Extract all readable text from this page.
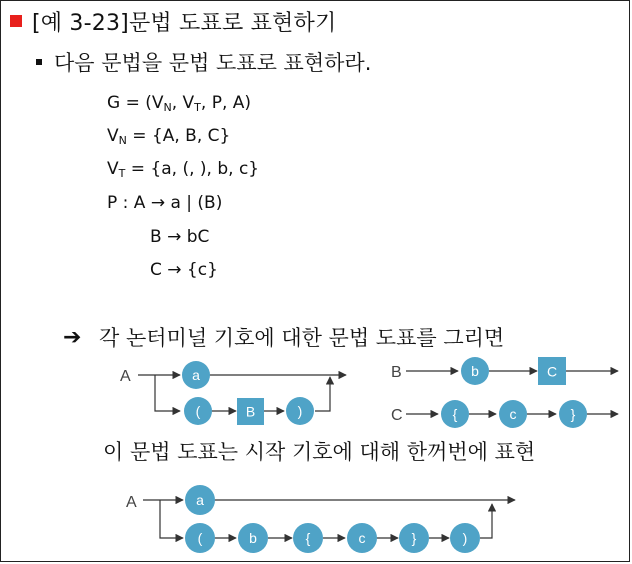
[예 3-23]문법 도표로 표현하기
다음 문법을 문법 도표로 표현하라.
$G = (V_N$, $V_T$, P, A)
$V_N = \{A$, B, C}
$V_T = \{a$, (, ), b, c}
P : A → a | (B)
B → bC
C → {c}
➔ 각 논터미널 기호에 대한 문법 도표를 그리면
이 문법 도표는 시작 기호에 대해 한꺼번에 표현
A	a
(	B	)
B	b	C
C	{	c	}
A	a
(	b	{	c	}	)
